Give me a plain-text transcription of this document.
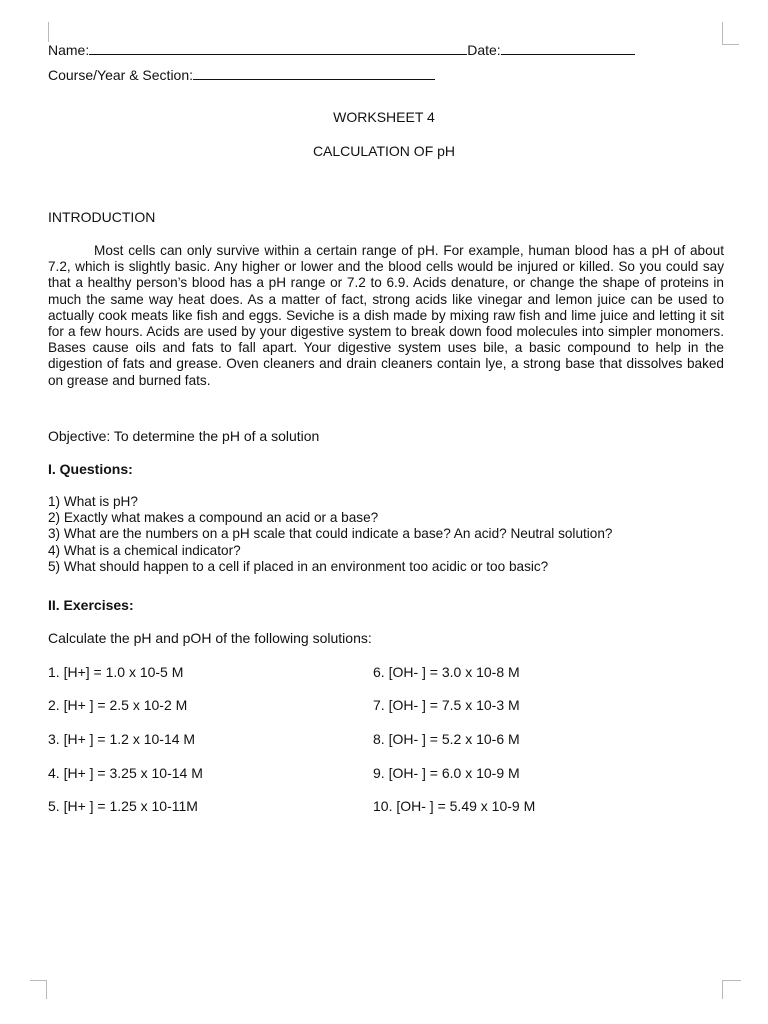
Name:	Date:
Course/Year & Section:
WORKSHEET 4
CALCULATION OF pH
INTRODUCTION
Most cells can only survive within a certain range of pH. For example, human blood has a pH of about 7.2, which is slightly basic. Any higher or lower and the blood cells would be injured or killed. So you could say that a healthy person’s blood has a pH range or 7.2 to 6.9. Acids denature, or change the shape of proteins in much the same way heat does. As a matter of fact, strong acids like vinegar and lemon juice can be used to actually cook meats like fish and eggs. Seviche is a dish made by mixing raw fish and lime juice and letting it sit for a few hours. Acids are used by your digestive system to break down food molecules into simpler monomers. Bases cause oils and fats to fall apart. Your digestive system uses bile, a basic compound to help in the digestion of fats and grease. Oven cleaners and drain cleaners contain lye, a strong base that dissolves baked on grease and burned fats.
Objective: To determine the pH of a solution
I. Questions:
1) What is pH?
2) Exactly what makes a compound an acid or a base?
3) What are the numbers on a pH scale that could indicate a base? An acid? Neutral solution?
4) What is a chemical indicator?
5) What should happen to a cell if placed in an environment too acidic or too basic?
II. Exercises:
Calculate the pH and pOH of the following solutions:
1. [H+] = 1.0 x 10-5 M
2. [H+ ] = 2.5 x 10-2 M
3. [H+ ] = 1.2 x 10-14 M
4. [H+ ] = 3.25 x 10-14 M
5. [H+ ] = 1.25 x 10-11M
6. [OH- ] = 3.0 x 10-8 M
7. [OH- ] = 7.5 x 10-3 M
8. [OH- ] = 5.2 x 10-6 M
9. [OH- ] = 6.0 x 10-9 M
10. [OH- ] = 5.49 x 10-9 M
